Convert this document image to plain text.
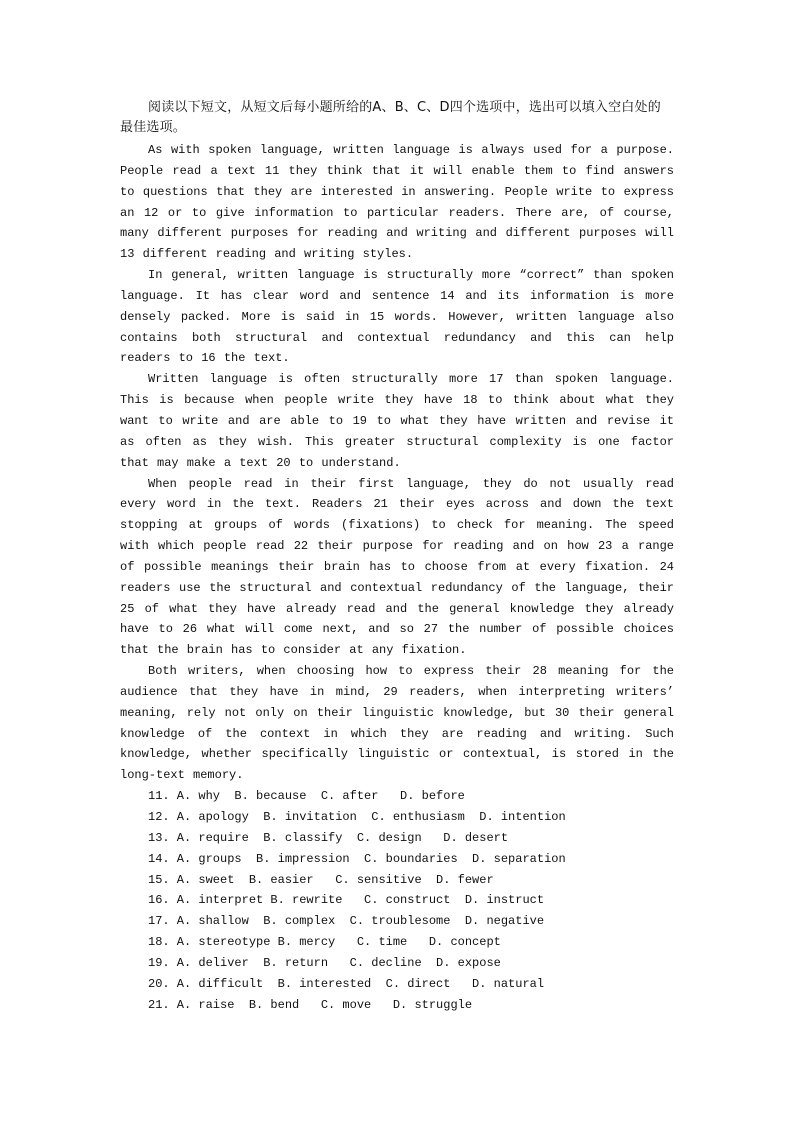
阅读以下短文，从短文后每小题所给的A、B、C、D四个选项中，选出可以填入空白处的最佳选项。

As with spoken language, written language is always used for a purpose. People read a text 11 they think that it will enable them to find answers to questions that they are interested in answering. People write to express an 12 or to give information to particular readers. There are, of course, many different purposes for reading and writing and different purposes will 13 different reading and writing styles.

In general, written language is structurally more “correct” than spoken language. It has clear word and sentence 14 and its information is more densely packed. More is said in 15 words. However, written language also contains both structural and contextual redundancy and this can help readers to 16 the text.

Written language is often structurally more 17 than spoken language. This is because when people write they have 18 to think about what they want to write and are able to 19 to what they have written and revise it as often as they wish. This greater structural complexity is one factor that may make a text 20 to understand.

When people read in their first language, they do not usually read every word in the text. Readers 21 their eyes across and down the text stopping at groups of words (fixations) to check for meaning. The speed with which people read 22 their purpose for reading and on how 23 a range of possible meanings their brain has to choose from at every fixation. 24 readers use the structural and contextual redundancy of the language, their 25 of what they have already read and the general knowledge they already have to 26 what will come next, and so 27 the number of possible choices that the brain has to consider at any fixation.

Both writers, when choosing how to express their 28 meaning for the audience that they have in mind, 29 readers, when interpreting writers’ meaning, rely not only on their linguistic knowledge, but 30 their general knowledge of the context in which they are reading and writing. Such knowledge, whether specifically linguistic or contextual, is stored in the long-text memory.

11. A. why  B. because  C. after   D. before

12. A. apology  B. invitation  C. enthusiasm  D. intention

13. A. require  B. classify  C. design   D. desert

14. A. groups  B. impression  C. boundaries  D. separation

15. A. sweet  B. easier   C. sensitive  D. fewer

16. A. interpret B. rewrite   C. construct  D. instruct

17. A. shallow  B. complex  C. troublesome  D. negative

18. A. stereotype B. mercy   C. time   D. concept

19. A. deliver  B. return   C. decline  D. expose

20. A. difficult  B. interested  C. direct   D. natural

21. A. raise  B. bend   C. move   D. struggle
